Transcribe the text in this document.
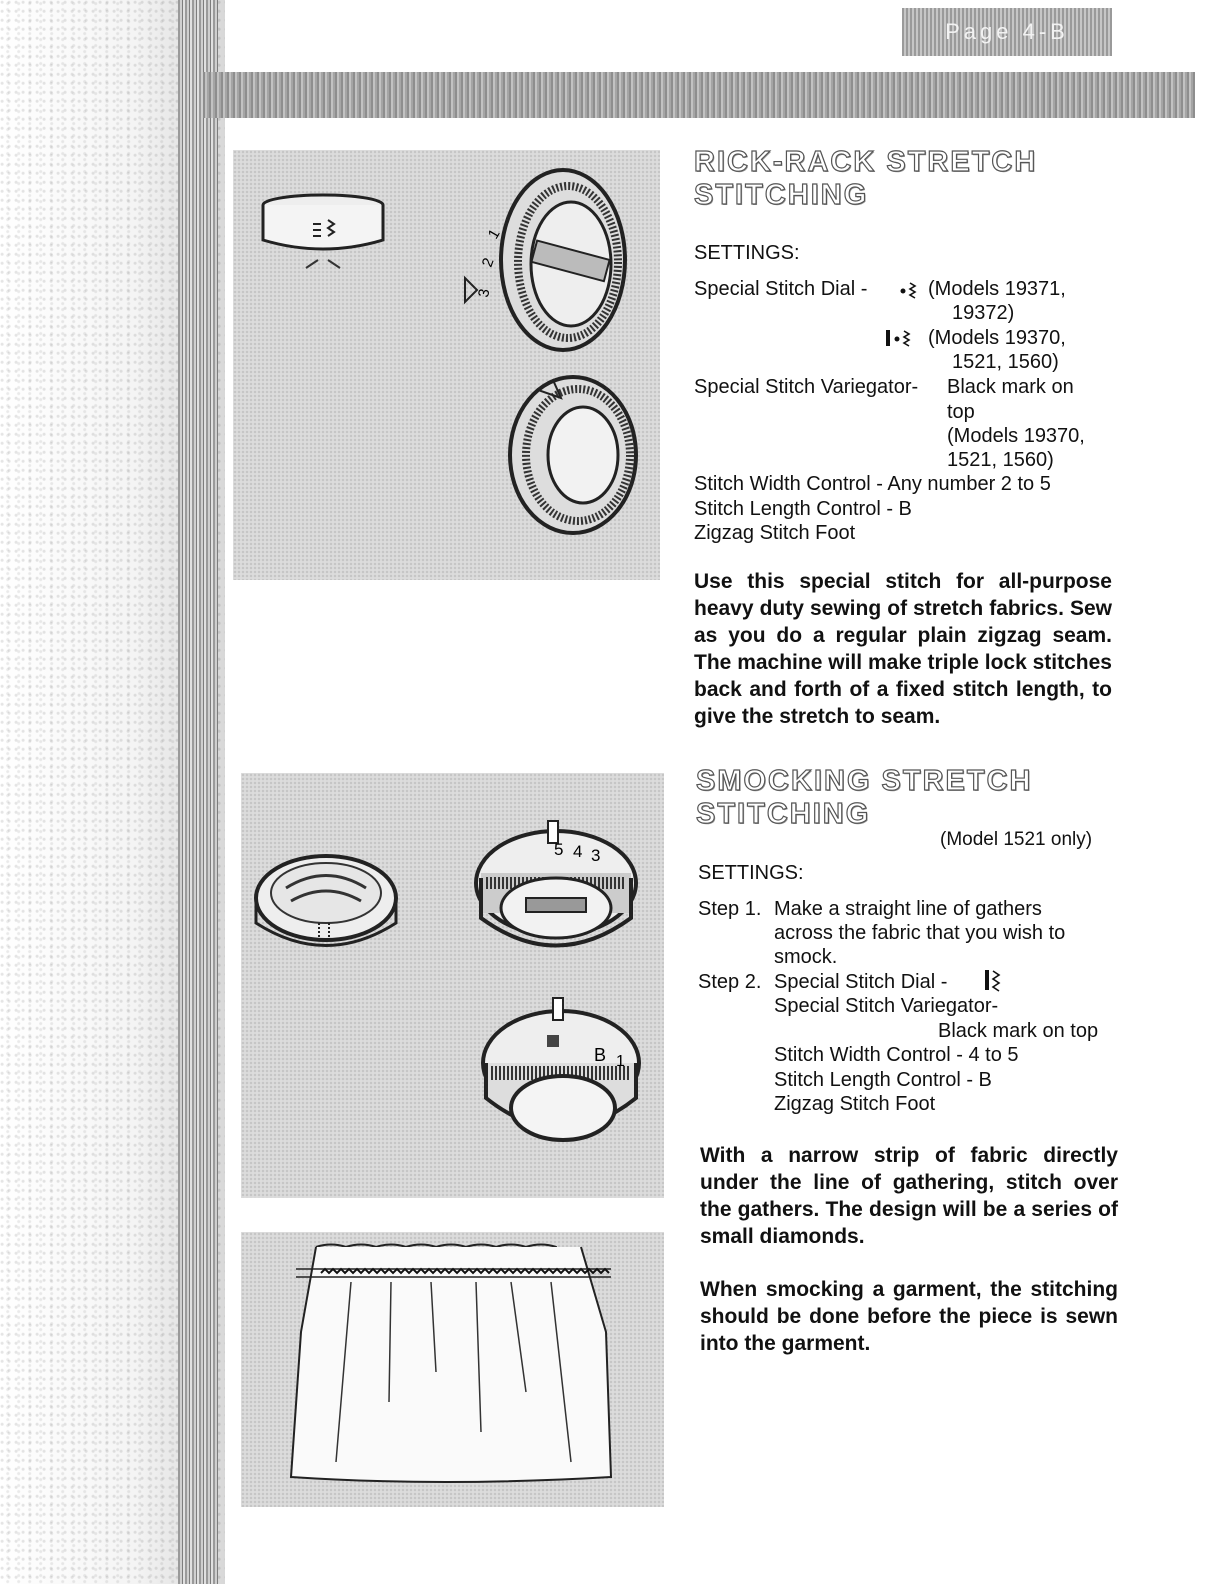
Page 4-B
1
2
3
5 4 3
B 1
RICK-RACK STRETCH
STITCHING
SETTINGS:
Special Stitch Dial -	(Models 19371,
19372)
(Models 19370,
1521, 1560)
Special Stitch Variegator- Black mark on
top
(Models 19370,
1521, 1560)
Stitch Width Control - Any number 2 to 5
Stitch Length Control - B
Zigzag Stitch Foot
Use this special stitch for all-purpose heavy duty sewing of stretch fabrics. Sew as you do a regular plain zigzag seam. The machine will make triple lock stitches back and forth of a fixed stitch length, to give the stretch to seam.
SMOCKING STRETCH
STITCHING
(Model 1521 only)
SETTINGS:
Step 1. Make a straight line of gathers
across the fabric that you wish to
smock.
Step 2. Special Stitch Dial -
Special Stitch Variegator-
Black mark on top
Stitch Width Control - 4 to 5
Stitch Length Control - B
Zigzag Stitch Foot
With a narrow strip of fabric directly under the line of gathering, stitch over the gathers. The design will be a series of small diamonds.
When smocking a garment, the stitching should be done before the piece is sewn into the garment.
